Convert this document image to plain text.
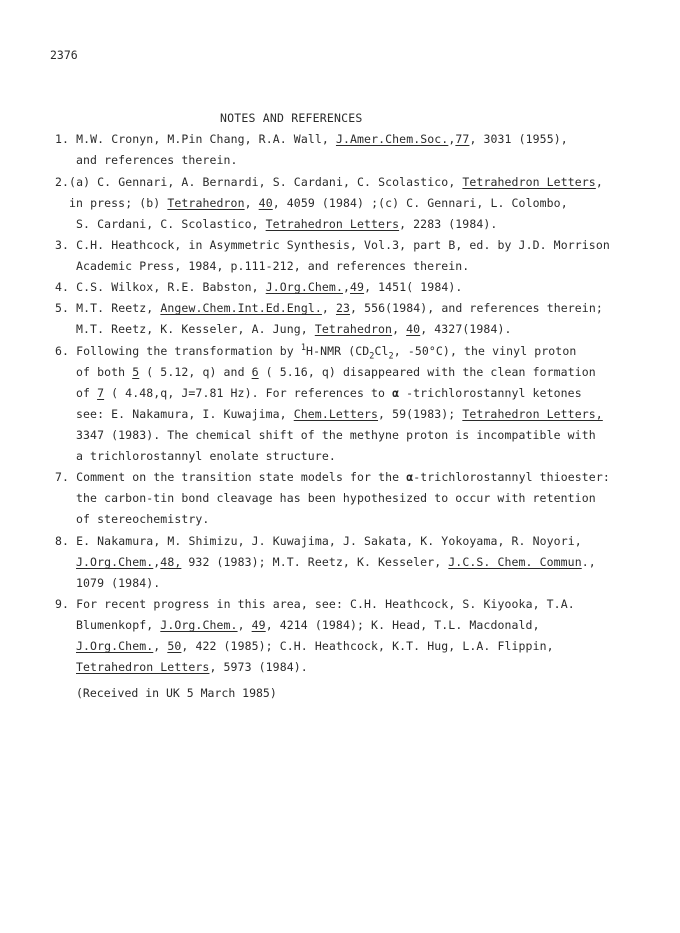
2376
NOTES AND REFERENCES
1. M.W. Cronyn, M.Pin Chang, R.A. Wall, J.Amer.Chem.Soc.,77, 3031 (1955),
and references therein.
2.(a) C. Gennari, A. Bernardi, S. Cardani, C. Scolastico, Tetrahedron Letters,
in press; (b) Tetrahedron, 40, 4059 (1984) ;(c) C. Gennari, L. Colombo,
S. Cardani, C. Scolastico, Tetrahedron Letters, 2283 (1984).
3. C.H. Heathcock, in Asymmetric Synthesis, Vol.3, part B, ed. by J.D. Morrison
Academic Press, 1984, p.111-212, and references therein.
4. C.S. Wilkox, R.E. Babston, J.Org.Chem.,49, 1451( 1984).
5. M.T. Reetz, Angew.Chem.Int.Ed.Engl., 23, 556(1984), and references therein;
M.T. Reetz, K. Kesseler, A. Jung, Tetrahedron, 40, 4327(1984).
6. Following the transformation by $^1$H-NMR ($CD_2Cl_2$, -50°C), the vinyl proton
of both 5 ( 5.12, q) and 6 ( 5.16, q) disappeared with the clean formation
of 7 ( 4.48,q, J=7.81 Hz). For references to α -trichlorostannyl ketones
see: E. Nakamura, I. Kuwajima, Chem.Letters, 59(1983); Tetrahedron Letters,
3347 (1983). The chemical shift of the methyne proton is incompatible with
a trichlorostannyl enolate structure.
7. Comment on the transition state models for the α-trichlorostannyl thioester:
the carbon-tin bond cleavage has been hypothesized to occur with retention
of stereochemistry.
8. E. Nakamura, M. Shimizu, J. Kuwajima, J. Sakata, K. Yokoyama, R. Noyori,
J.Org.Chem.,48, 932 (1983); M.T. Reetz, K. Kesseler, J.C.S. Chem. Commun.,
1079 (1984).
9. For recent progress in this area, see: C.H. Heathcock, S. Kiyooka, T.A.
Blumenkopf, J.Org.Chem., 49, 4214 (1984); K. Head, T.L. Macdonald,
J.Org.Chem., 50, 422 (1985); C.H. Heathcock, K.T. Hug, L.A. Flippin,
Tetrahedron Letters, 5973 (1984).
(Received in UK 5 March 1985)
